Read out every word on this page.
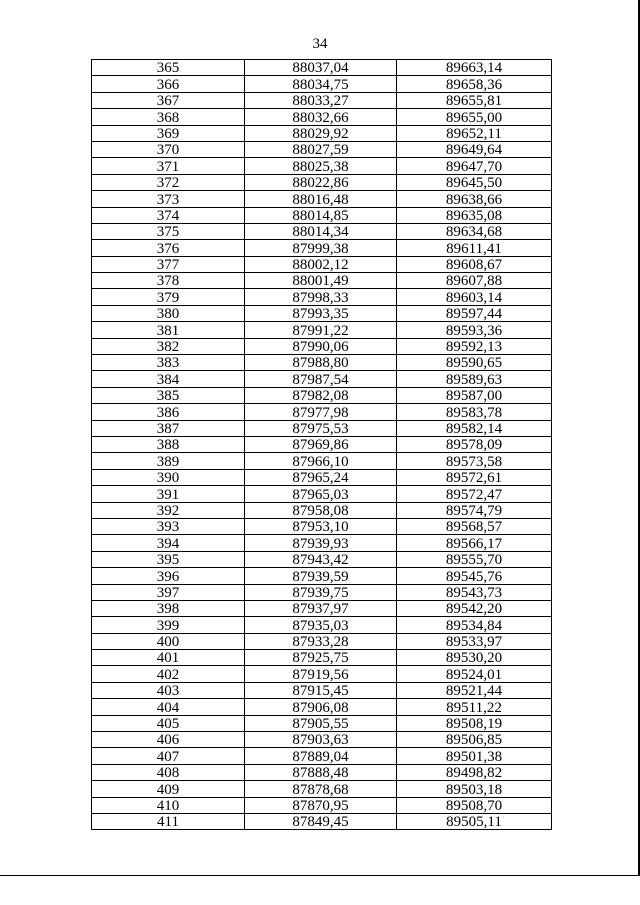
34
365	88037,04	89663,14
366	88034,75	89658,36
367	88033,27	89655,81
368	88032,66	89655,00
369	88029,92	89652,11
370	88027,59	89649,64
371	88025,38	89647,70
372	88022,86	89645,50
373	88016,48	89638,66
374	88014,85	89635,08
375	88014,34	89634,68
376	87999,38	89611,41
377	88002,12	89608,67
378	88001,49	89607,88
379	87998,33	89603,14
380	87993,35	89597,44
381	87991,22	89593,36
382	87990,06	89592,13
383	87988,80	89590,65
384	87987,54	89589,63
385	87982,08	89587,00
386	87977,98	89583,78
387	87975,53	89582,14
388	87969,86	89578,09
389	87966,10	89573,58
390	87965,24	89572,61
391	87965,03	89572,47
392	87958,08	89574,79
393	87953,10	89568,57
394	87939,93	89566,17
395	87943,42	89555,70
396	87939,59	89545,76
397	87939,75	89543,73
398	87937,97	89542,20
399	87935,03	89534,84
400	87933,28	89533,97
401	87925,75	89530,20
402	87919,56	89524,01
403	87915,45	89521,44
404	87906,08	89511,22
405	87905,55	89508,19
406	87903,63	89506,85
407	87889,04	89501,38
408	87888,48	89498,82
409	87878,68	89503,18
410	87870,95	89508,70
411	87849,45	89505,11
